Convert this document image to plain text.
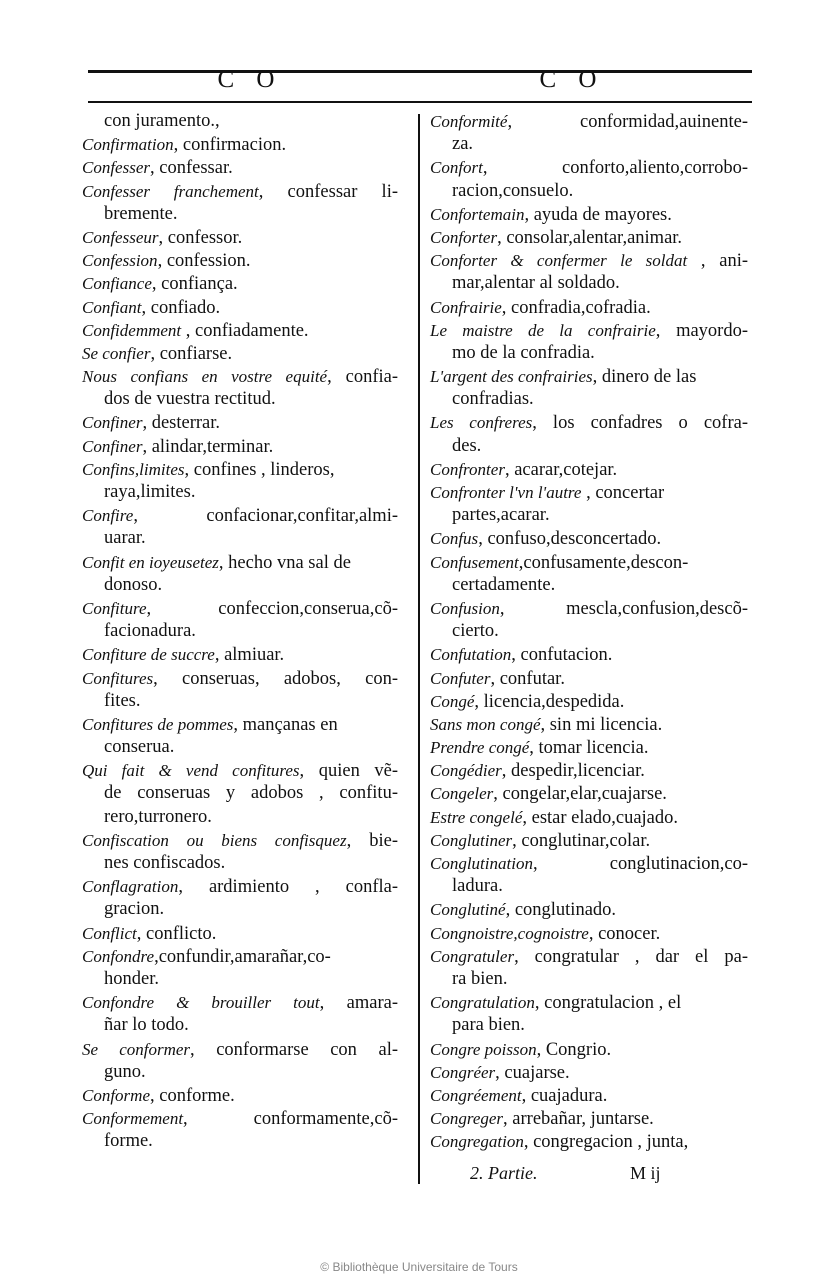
C O	C O
con juramento.,
Confirmation, confirmacion.
Confesser, confessar.
Confesser franchement, confessar li-
bremente.
Confesseur, confessor.
Confession, confession.
Confiance, confiança.
Confiant, confiado.
Confidemment , confiadamente.
Se confier, confiarse.
Nous confians en vostre equité, confia-
dos de vuestra rectitud.
Confiner, desterrar.
Confiner, alindar,terminar.
Confins,limites, confines , linderos,
raya,limites.
Confire, confacionar,confitar,almi-
uarar.
Confit en ioyeusetez, hecho vna sal de
donoso.
Confiture, confeccion,conserua,cõ-
facionadura.
Confiture de succre, almiuar.
Confitures, conseruas, adobos, con-
fites.
Confitures de pommes, mançanas en
conserua.
Qui fait & vend confitures, quien vẽ-
de conseruas y adobos , confitu-
rero,turronero.
Confiscation ou biens confisquez, bie-
nes confiscados.
Conflagration, ardimiento , confla-
gracion.
Conflict, conflicto.
Confondre,confundir,amarañar,co-
honder.
Confondre & brouiller tout, amara-
ñar lo todo.
Se conformer, conformarse con al-
guno.
Conforme, conforme.
Conformement, conformamente,cõ-
forme.
Conformité, conformidad,auinente-
za.
Confort, conforto,aliento,corrobo-
racion,consuelo.
Confortemain, ayuda de mayores.
Conforter, consolar,alentar,animar.
Conforter & confermer le soldat , ani-
mar,alentar al soldado.
Confrairie, confradia,cofradia.
Le maistre de la confrairie, mayordo-
mo de la confradia.
L'argent des confrairies, dinero de las
confradias.
Les confreres, los confadres o cofra-
des.
Confronter, acarar,cotejar.
Confronter l'vn l'autre , concertar
partes,acarar.
Confus, confuso,desconcertado.
Confusement,confusamente,descon-
certadamente.
Confusion, mescla,confusion,descõ-
cierto.
Confutation, confutacion.
Confuter, confutar.
Congé, licencia,despedida.
Sans mon congé, sin mi licencia.
Prendre congé, tomar licencia.
Congédier, despedir,licenciar.
Congeler, congelar,elar,cuajarse.
Estre congelé, estar elado,cuajado.
Conglutiner, conglutinar,colar.
Conglutination, conglutinacion,co-
ladura.
Conglutiné, conglutinado.
Congnoistre,cognoistre, conocer.
Congratuler, congratular , dar el pa-
ra bien.
Congratulation, congratulacion , el
para bien.
Congre poisson, Congrio.
Congréer, cuajarse.
Congréement, cuajadura.
Congreger, arrebañar, juntarse.
Congregation, congregacion , junta,
2. Partie.	M ij
© Bibliothèque Universitaire de Tours
